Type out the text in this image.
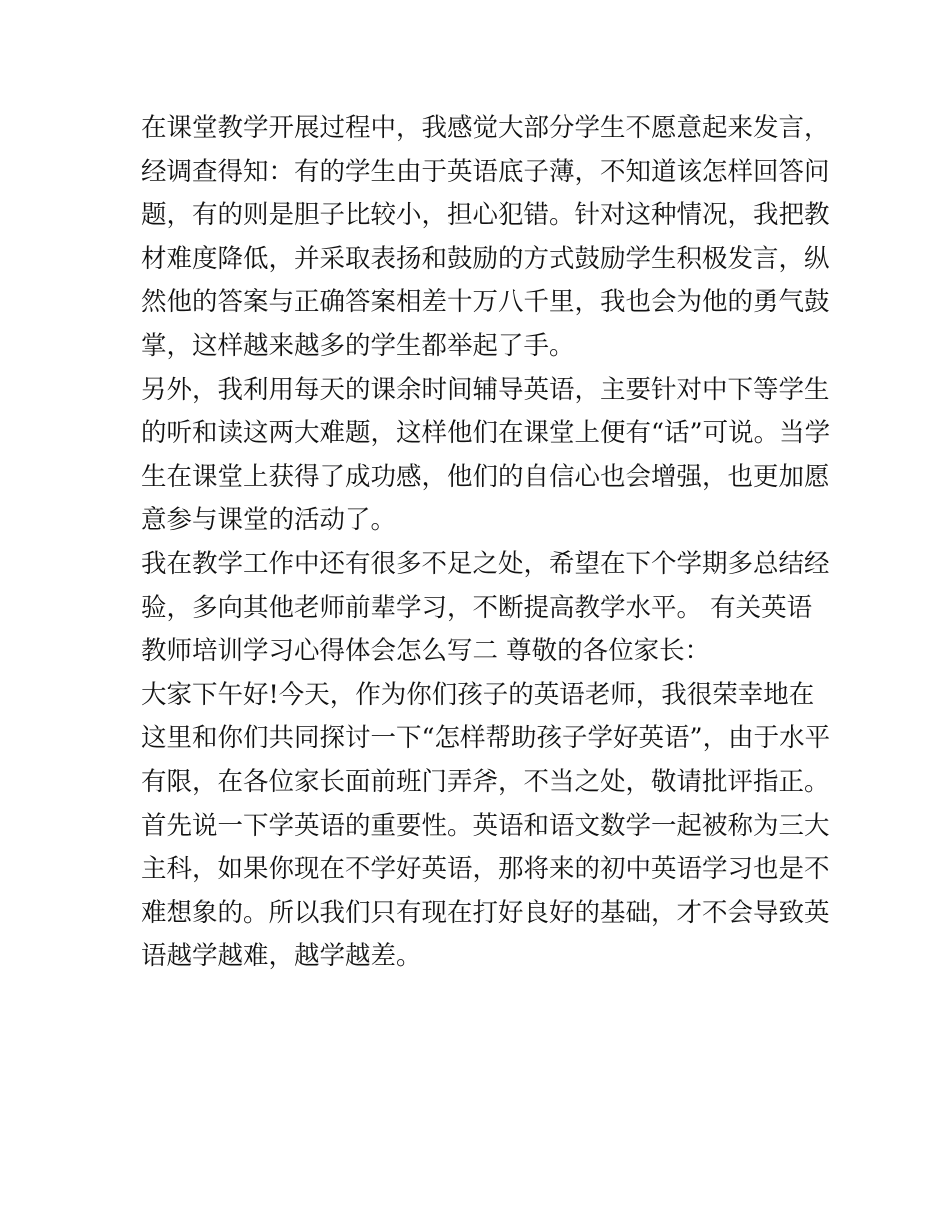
在课堂教学开展过程中，我感觉大部分学生不愿意起来发言，
经调查得知：有的学生由于英语底子薄，不知道该怎样回答问
题，有的则是胆子比较小，担心犯错。针对这种情况，我把教
材难度降低，并采取表扬和鼓励的方式鼓励学生积极发言，纵
然他的答案与正确答案相差十万八千里，我也会为他的勇气鼓
掌，这样越来越多的学生都举起了手。
另外，我利用每天的课余时间辅导英语，主要针对中下等学生
的听和读这两大难题，这样他们在课堂上便有“话”可说。当学
生在课堂上获得了成功感，他们的自信心也会增强，也更加愿
意参与课堂的活动了。
我在教学工作中还有很多不足之处，希望在下个学期多总结经
验，多向其他老师前辈学习，不断提高教学水平。 有关英语
教师培训学习心得体会怎么写二 尊敬的各位家长：
大家下午好!今天，作为你们孩子的英语老师，我很荣幸地在
这里和你们共同探讨一下“怎样帮助孩子学好英语”，由于水平
有限，在各位家长面前班门弄斧，不当之处，敬请批评指正。
首先说一下学英语的重要性。英语和语文数学一起被称为三大
主科，如果你现在不学好英语，那将来的初中英语学习也是不
难想象的。所以我们只有现在打好良好的基础，才不会导致英
语越学越难，越学越差。
